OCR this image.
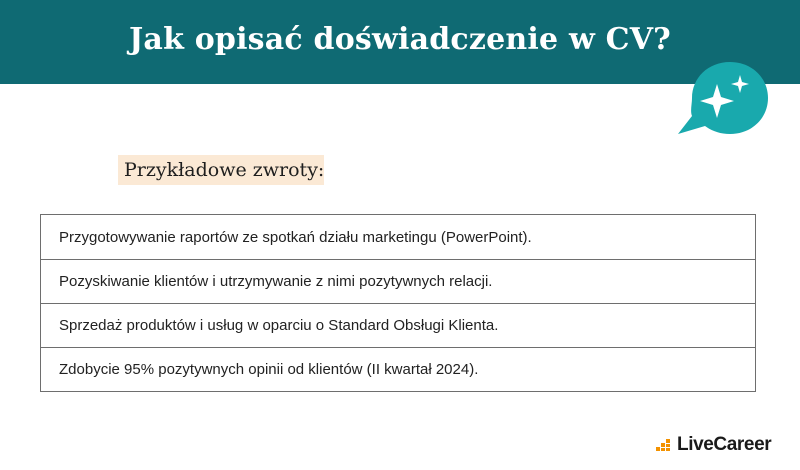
Jak opisać doświadczenie w CV?
Przykładowe zwroty:
Przygotowywanie raportów ze spotkań działu marketingu (PowerPoint).
Pozyskiwanie klientów i utrzymywanie z nimi pozytywnych relacji.
Sprzedaż produktów i usług w oparciu o Standard Obsługi Klienta.
Zdobycie 95% pozytywnych opinii od klientów (II kwartał 2024).
LiveCareer
